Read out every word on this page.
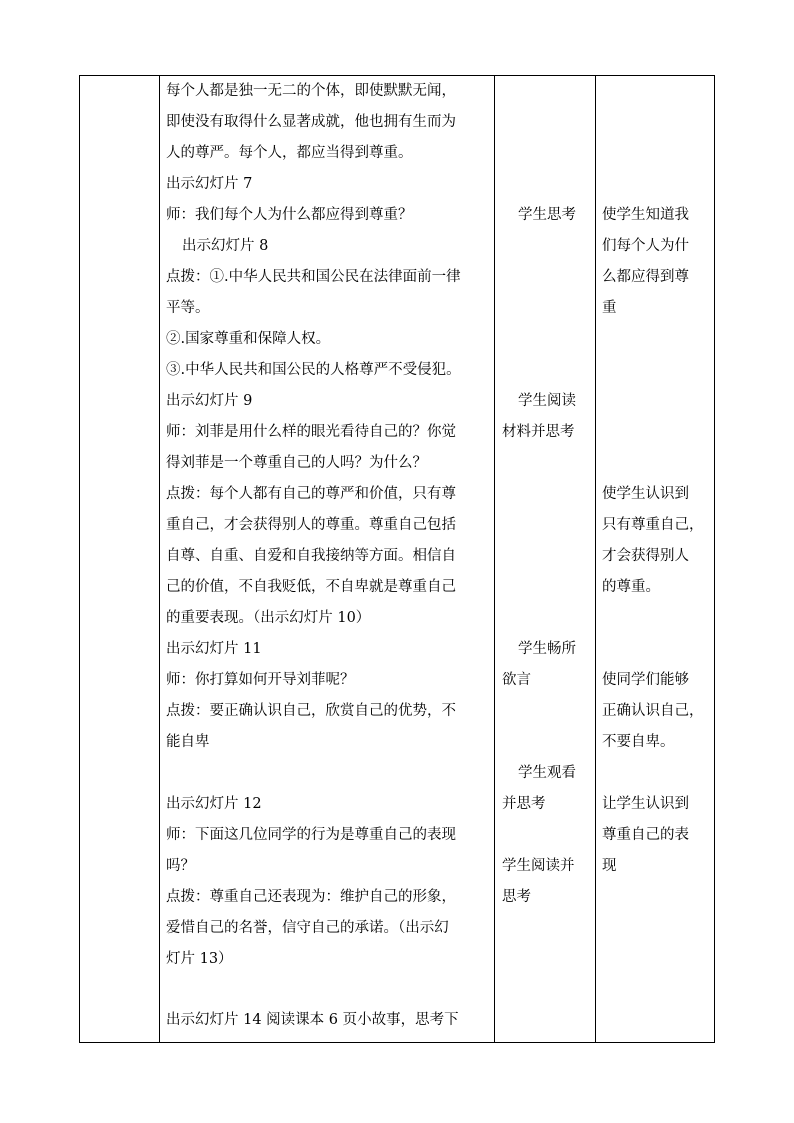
每个人都是独一无二的个体，即使默默无闻，

即使没有取得什么显著成就，他也拥有生而为

人的尊严。每个人，都应当得到尊重。

出示幻灯片 7

师：我们每个人为什么都应得到尊重？

出示幻灯片 8

点拨：①.中华人民共和国公民在法律面前一律

平等。

②.国家尊重和保障人权。

③.中华人民共和国公民的人格尊严不受侵犯。

出示幻灯片 9

师：刘菲是用什么样的眼光看待自己的？你觉

得刘菲是一个尊重自己的人吗？为什么？

点拨：每个人都有自己的尊严和价值，只有尊

重自己，才会获得别人的尊重。尊重自己包括

自尊、自重、自爱和自我接纳等方面。相信自

己的价值，不自我贬低，不自卑就是尊重自己

的重要表现。（出示幻灯片 10）

出示幻灯片 11

师：你打算如何开导刘菲呢？

点拨：要正确认识自己，欣赏自己的优势，不

能自卑

出示幻灯片 12

师：下面这几位同学的行为是尊重自己的表现

吗？

点拨：尊重自己还表现为：维护自己的形象，

爱惜自己的名誉，信守自己的承诺。（出示幻

灯片 13）

出示幻灯片 14 阅读课本 6 页小故事，思考下

学生思考

学生阅读

材料并思考

学生畅所

欲言

学生观看

并思考

学生阅读并

思考

使学生知道我

们每个人为什

么都应得到尊

重

使学生认识到

只有尊重自己，

才会获得别人

的尊重。

使同学们能够

正确认识自己，

不要自卑。

让学生认识到

尊重自己的表

现
